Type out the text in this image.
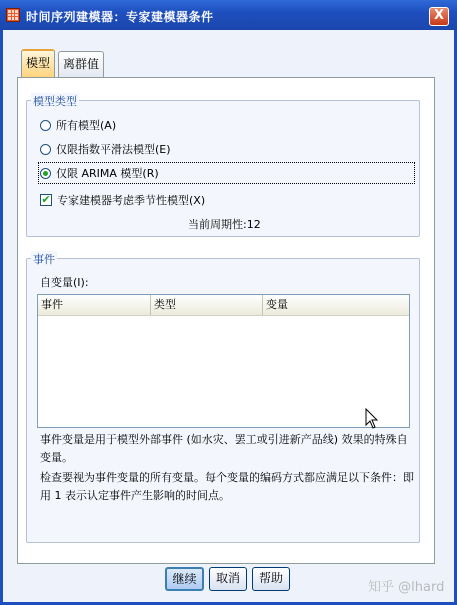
时间序列建模器：专家建模器条件	X
模型	离群值
模型类型
所有模型(A)
仅限指数平滑法模型(E)
仅限 ARIMA 模型(R)
✔ 专家建模器考虑季节性模型(X)
当前周期性:12
事件
自变量(I):
事件	类型	变量
事件变量是用于模型外部事件 (如水灾、罢工或引进新产品线) 效果的特殊自变量。
检查要视为事件变量的所有变量。每个变量的编码方式都应满足以下条件：即用 1 表示认定事件产生影响的时间点。
继续	取消	帮助
知乎 @lhard
